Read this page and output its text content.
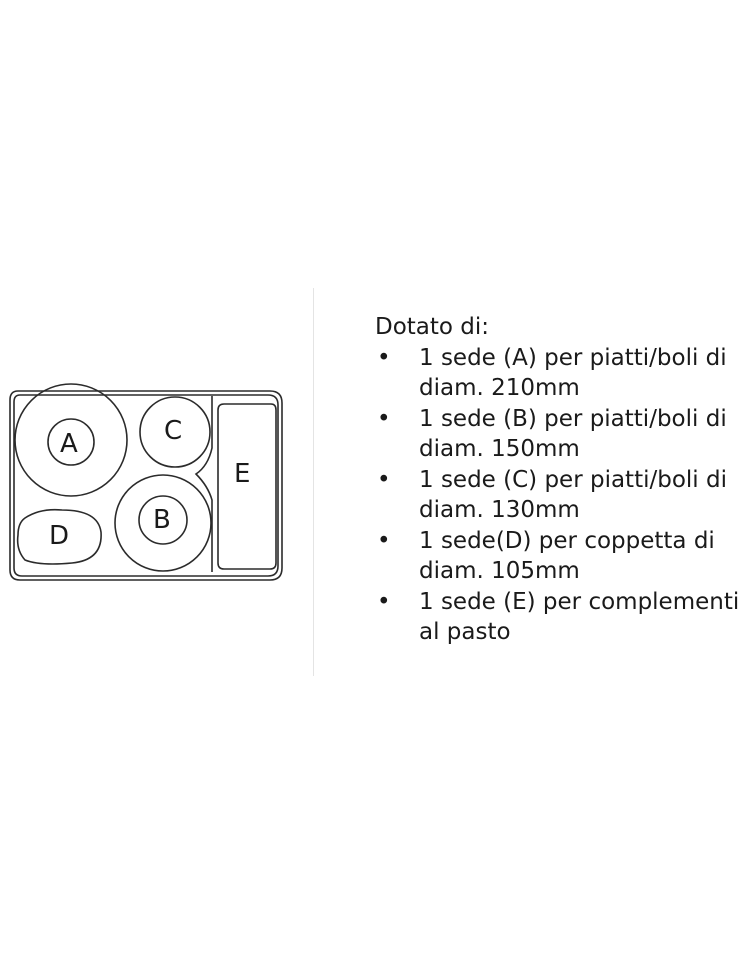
A	C
E
B
D

Dotato di:

• 1 sede (A) per piatti/boli di diam. 210mm
• 1 sede (B) per piatti/boli di diam. 150mm
• 1 sede (C) per piatti/boli di diam. 130mm
• 1 sede(D) per coppetta di diam. 105mm
• 1 sede (E) per complementi al pasto
